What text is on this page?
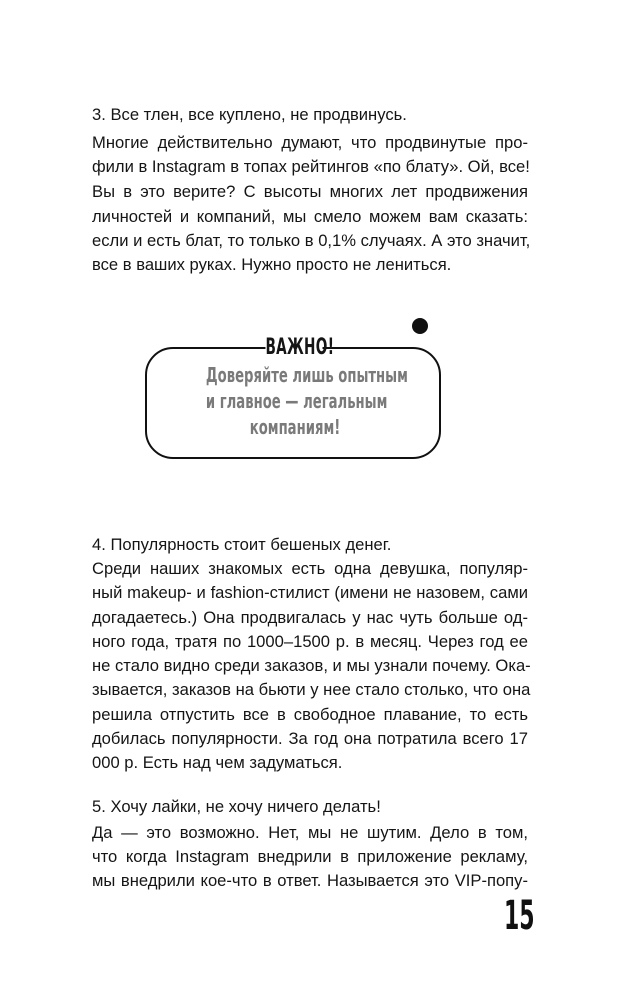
3. Все тлен, все куплено, не продвинусь.
Многие действительно думают, что продвинутые про-
фили в Instagram в топах рейтингов «по блату». Ой, все!
Вы в это верите? С высоты многих лет продвижения
личностей и компаний, мы смело можем вам сказать:
если и есть блат, то только в 0,1% случаях. А это значит,
все в ваших руках. Нужно просто не лениться.
ВАЖНО!
Доверяйте лишь опытным
и главное — легальным
компаниям!
4. Популярность стоит бешеных денег.
Среди наших знакомых есть одна девушка, популяр-
ный makeup- и fashion-стилист (имени не назовем, сами
догадаетесь.) Она продвигалась у нас чуть больше од-
ного года, тратя по 1000–1500 р. в месяц. Через год ее
не стало видно среди заказов, и мы узнали почему. Ока-
зывается, заказов на бьюти у нее стало столько, что она
решила отпустить все в свободное плавание, то есть
добилась популярности. За год она потратила всего 17
000 р. Есть над чем задуматься.
5. Хочу лайки, не хочу ничего делать!
Да — это возможно. Нет, мы не шутим. Дело в том,
что когда Instagram внедрили в приложение рекламу,
мы внедрили кое-что в ответ. Называется это VIP-попу-
15
